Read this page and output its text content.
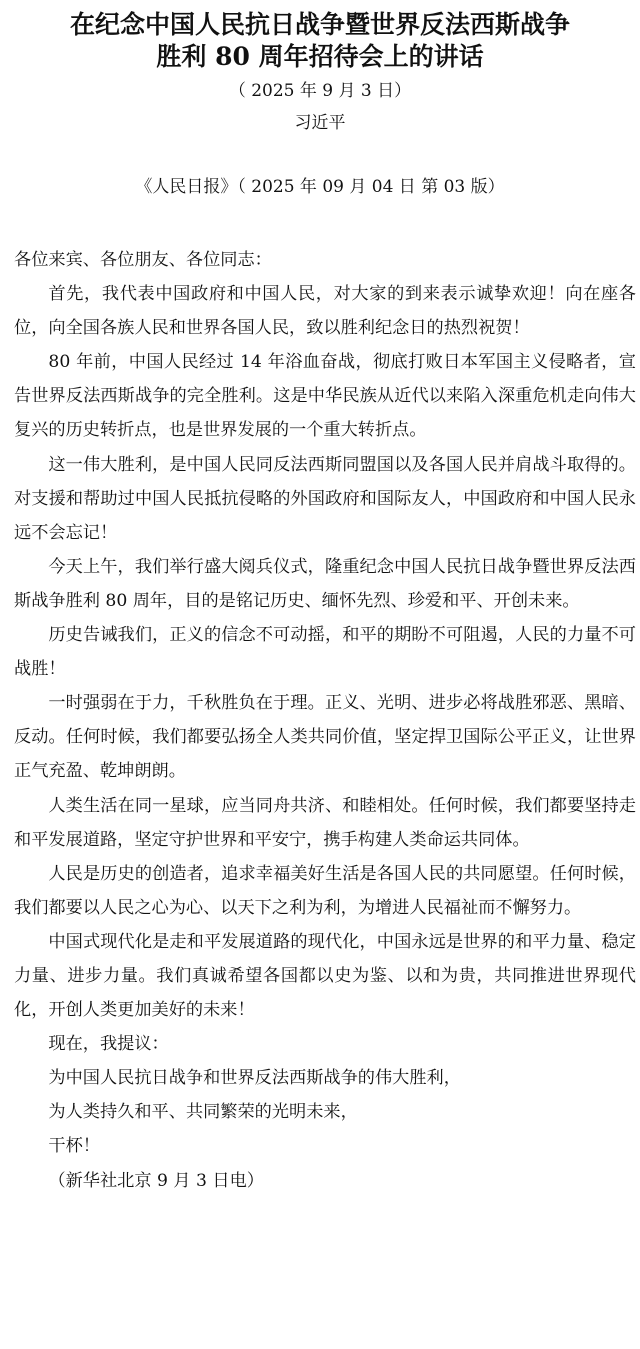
在纪念中国人民抗日战争暨世界反法西斯战争
胜利 80 周年招待会上的讲话
（ 2025 年 9 月 3 日）
习近平
《人民日报》（ 2025 年 09 月 04 日 第 03 版）

各位来宾、各位朋友、各位同志：

首先，我代表中国政府和中国人民，对大家的到来表示诚挚欢迎！向在座各位，向全国各族人民和世界各国人民，致以胜利纪念日的热烈祝贺！

80 年前，中国人民经过 14 年浴血奋战，彻底打败日本军国主义侵略者，宣告世界反法西斯战争的完全胜利。这是中华民族从近代以来陷入深重危机走向伟大复兴的历史转折点，也是世界发展的一个重大转折点。

这一伟大胜利，是中国人民同反法西斯同盟国以及各国人民并肩战斗取得的。对支援和帮助过中国人民抵抗侵略的外国政府和国际友人，中国政府和中国人民永远不会忘记！

今天上午，我们举行盛大阅兵仪式，隆重纪念中国人民抗日战争暨世界反法西斯战争胜利 80 周年，目的是铭记历史、缅怀先烈、珍爱和平、开创未来。

历史告诫我们，正义的信念不可动摇，和平的期盼不可阻遏，人民的力量不可战胜！

一时强弱在于力，千秋胜负在于理。正义、光明、进步必将战胜邪恶、黑暗、反动。任何时候，我们都要弘扬全人类共同价值，坚定捍卫国际公平正义，让世界正气充盈、乾坤朗朗。

人类生活在同一星球，应当同舟共济、和睦相处。任何时候，我们都要坚持走和平发展道路，坚定守护世界和平安宁，携手构建人类命运共同体。

人民是历史的创造者，追求幸福美好生活是各国人民的共同愿望。任何时候，我们都要以人民之心为心、以天下之利为利，为增进人民福祉而不懈努力。

中国式现代化是走和平发展道路的现代化，中国永远是世界的和平力量、稳定力量、进步力量。我们真诚希望各国都以史为鉴、以和为贵，共同推进世界现代化，开创人类更加美好的未来！

现在，我提议：

为中国人民抗日战争和世界反法西斯战争的伟大胜利，

为人类持久和平、共同繁荣的光明未来，

干杯！

（新华社北京 9 月 3 日电）
